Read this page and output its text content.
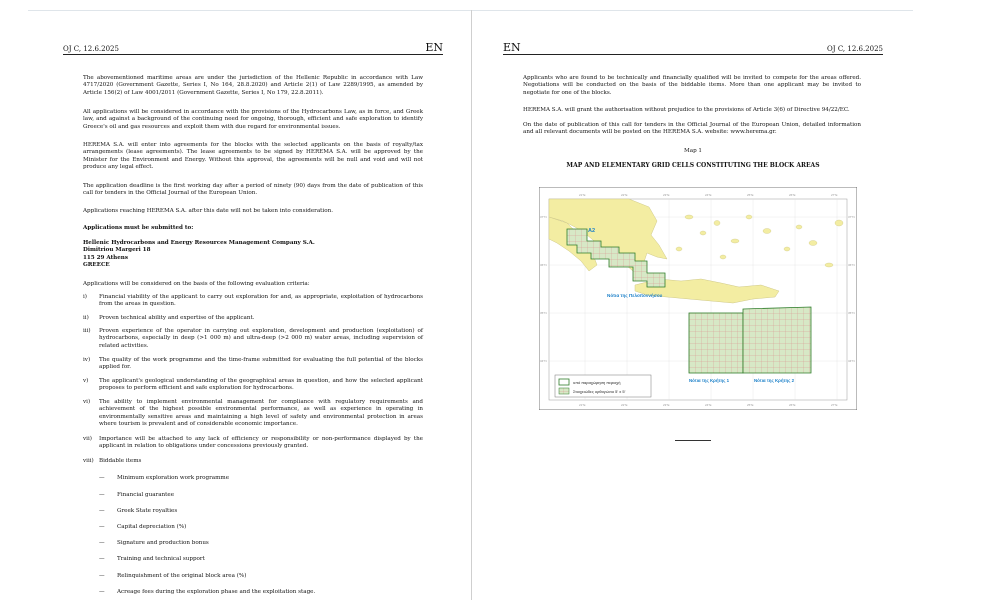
OJ C, 12.6.2025	EN

The abovementioned maritime areas are under the jurisdiction of the Hellenic Republic in accordance with Law 4717/2020 (Government Gazette, Series I, No 164, 28.8.2020) and Article 2(1) of Law 2289/1995, as amended by Article 156(2) of Law 4001/2011 (Government Gazette, Series I, No 179, 22.8.2011).

All applications will be considered in accordance with the provisions of the Hydrocarbons Law, as in force, and Greek law, and against a background of the continuing need for ongoing, thorough, efficient and safe exploration to identify Greece's oil and gas resources and exploit them with due regard for environmental issues.

HEREMA S.A. will enter into agreements for the blocks with the selected applicants on the basis of royalty/tax arrangements (lease agreements). The lease agreements to be signed by HEREMA S.A. will be approved by the Minister for the Environment and Energy. Without this approval, the agreements will be null and void and will not produce any legal effect.

The application deadline is the first working day after a period of ninety (90) days from the date of publication of this call for tenders in the Official Journal of the European Union.

Applications reaching HEREMA S.A. after this date will not be taken into consideration.

Applications must be submitted to:

Hellenic Hydrocarbons and Energy Resources Management Company S.A.

Dimitriou Margeri 18

115 29 Athens

GREECE

Applications will be considered on the basis of the following evaluation criteria:

i) Financial viability of the applicant to carry out exploration for and, as appropriate, exploitation of hydrocarbons from the areas in question.

ii) Proven technical ability and expertise of the applicant.

iii) Proven experience of the operator in carrying out exploration, development and production (exploitation) of hydrocarbons, especially in deep (>1 000 m) and ultra-deep (>2 000 m) water areas, including supervision of related activities.

iv) The quality of the work programme and the time-frame submitted for evaluating the full potential of the blocks applied for.

v) The applicant's geological understanding of the geographical areas in question, and how the selected applicant proposes to perform efficient and safe exploration for hydrocarbons.

vi) The ability to implement environmental management for compliance with regulatory requirements and achievement of the highest possible environmental performance, as well as experience in operating in environmentally sensitive areas and maintaining a high level of safety and environmental protection in areas where tourism is prevalent and of considerable economic importance.

vii) Importance will be attached to any lack of efficiency or responsibility or non-performance displayed by the applicant in relation to obligations under concessions previously granted.

viii) Biddable items

— Minimum exploration work programme
— Financial guarantee
— Greek State royalties
— Capital depreciation (%)
— Signature and production bonus
— Training and technical support
— Relinquishment of the original block area (%)
— Acreage fees during the exploration phase and the exploitation stage.
EN	OJ C, 12.6.2025

Applicants who are found to be technically and financially qualified will be invited to compete for the areas offered. Negotiations will be conducted on the basis of the biddable items. More than one applicant may be invited to negotiate for one of the blocks.

HEREMA S.A. will grant the authorisation without prejudice to the provisions of Article 3(6) of Directive 94/22/EC.

On the date of publication of this call for tenders in the Official Journal of the European Union, detailed information and all relevant documents will be posted on the HEREMA S.A. website: www.herema.gr.

Map 1
MAP AND ELEMENTARY GRID CELLS CONSTITUTING THE BLOCK AREAS
A2
Νότια της Πελοποννήσου
Νότια της Κρήτης 1	Νότια της Κρήτης 2
υπό παραχώρηση περιοχή
Στοιχειώδες ορθογώνιο 5' x 5'
21°E	22°E	23°E	24°E	25°E	26°E	27°E
21°E	22°E	23°E	24°E	25°E	26°E	27°E
37°N
36°N
35°N
34°N
37°N
36°N
35°N
34°N
